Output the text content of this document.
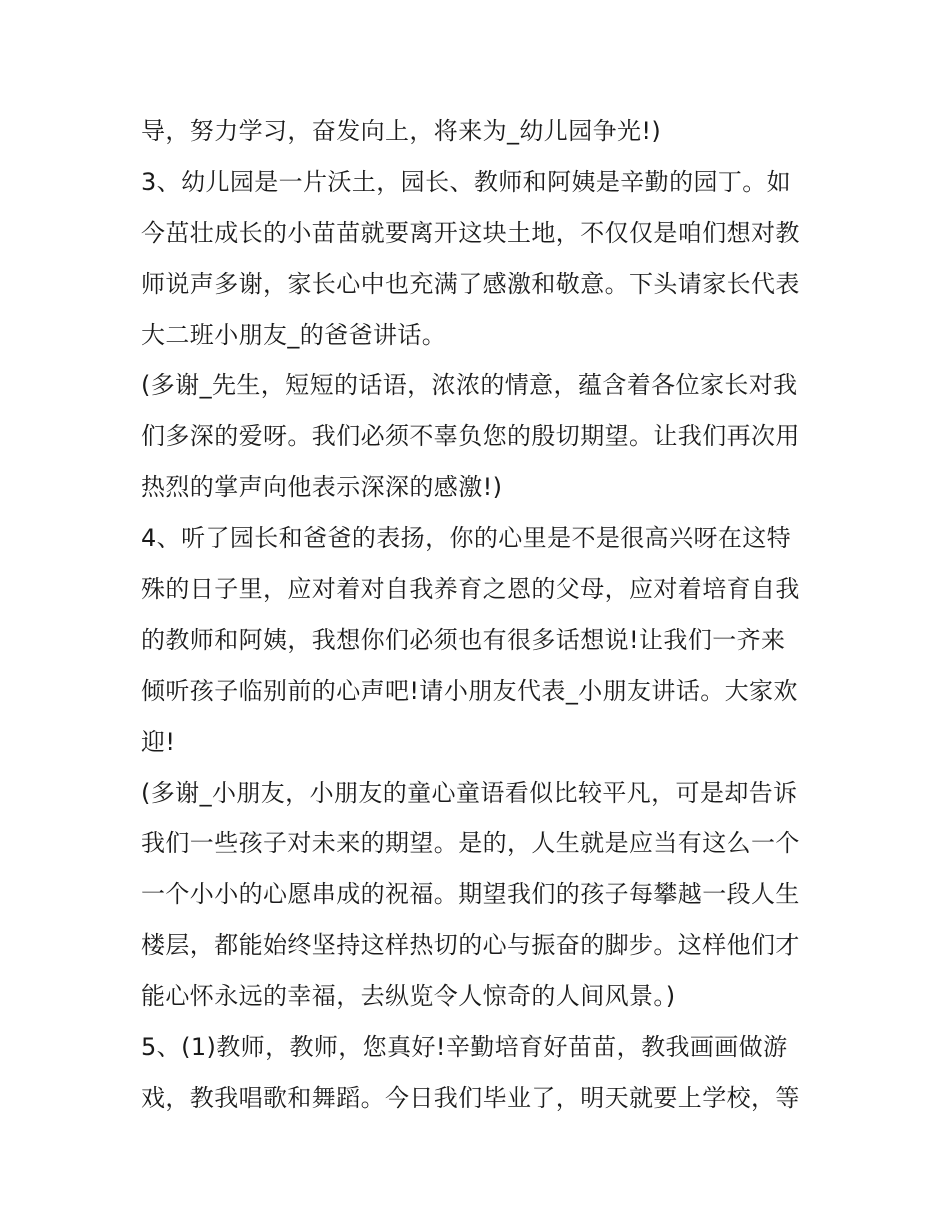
导，努力学习，奋发向上，将来为_幼儿园争光!)
3、幼儿园是一片沃土，园长、教师和阿姨是辛勤的园丁。如
今茁壮成长的小苗苗就要离开这块土地，不仅仅是咱们想对教
师说声多谢，家长心中也充满了感激和敬意。下头请家长代表
大二班小朋友_的爸爸讲话。
(多谢_先生，短短的话语，浓浓的情意，蕴含着各位家长对我
们多深的爱呀。我们必须不辜负您的殷切期望。让我们再次用
热烈的掌声向他表示深深的感激!)
4、听了园长和爸爸的表扬，你的心里是不是很高兴呀在这特
殊的日子里，应对着对自我养育之恩的父母，应对着培育自我
的教师和阿姨，我想你们必须也有很多话想说!让我们一齐来
倾听孩子临别前的心声吧!请小朋友代表_小朋友讲话。大家欢
迎!
(多谢_小朋友，小朋友的童心童语看似比较平凡，可是却告诉
我们一些孩子对未来的期望。是的，人生就是应当有这么一个
一个小小的心愿串成的祝福。期望我们的孩子每攀越一段人生
楼层，都能始终坚持这样热切的心与振奋的脚步。这样他们才
能心怀永远的幸福，去纵览令人惊奇的人间风景。)
5、(1)教师，教师，您真好!辛勤培育好苗苗，教我画画做游
戏，教我唱歌和舞蹈。今日我们毕业了，明天就要上学校，等
